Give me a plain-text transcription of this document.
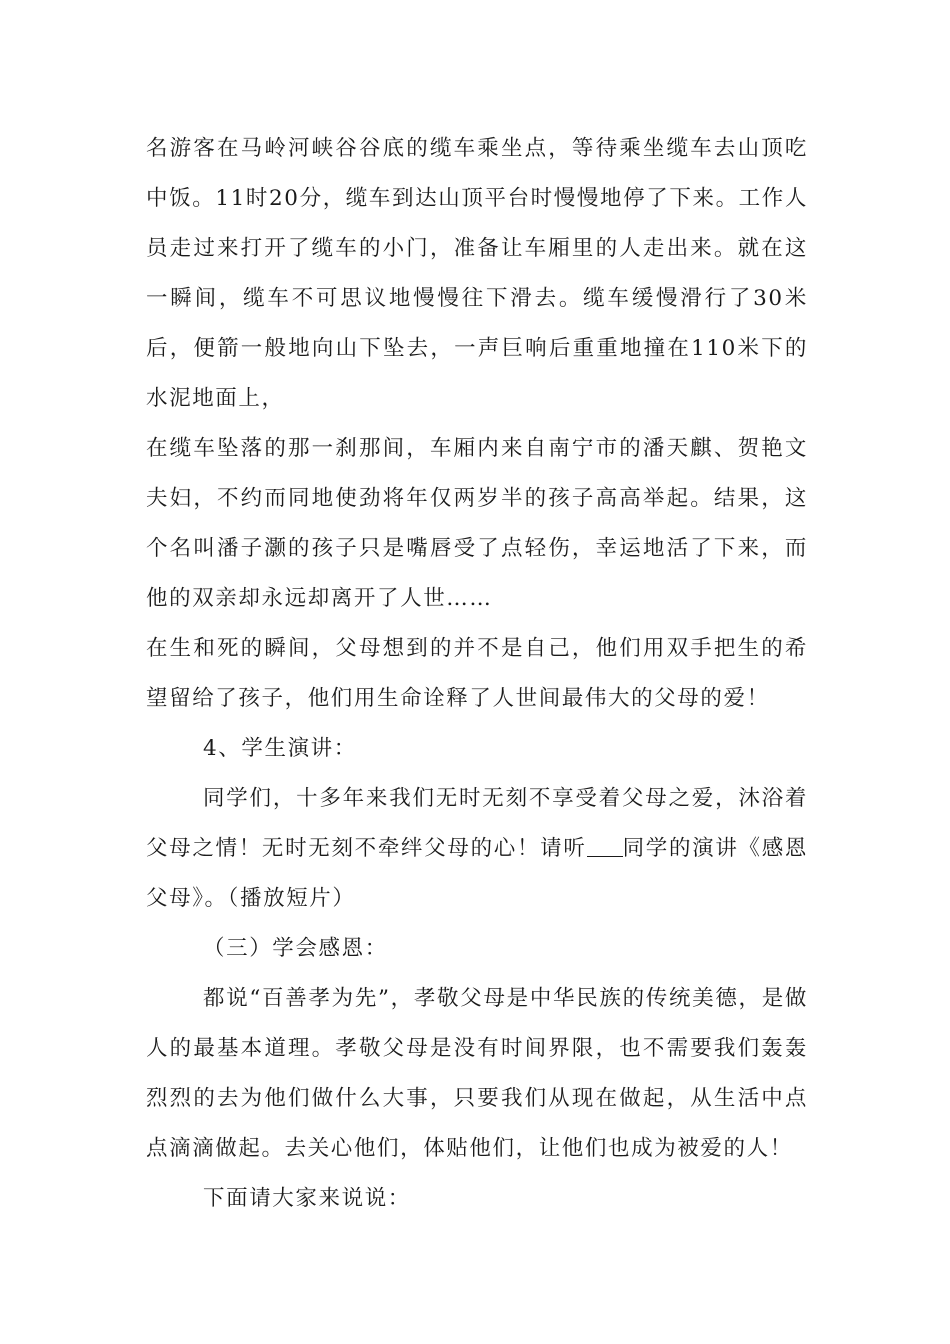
名游客在马岭河峡谷谷底的缆车乘坐点，等待乘坐缆车去山顶吃中饭。11时20分，缆车到达山顶平台时慢慢地停了下来。工作人员走过来打开了缆车的小门，准备让车厢里的人走出来。就在这一瞬间，缆车不可思议地慢慢往下滑去。缆车缓慢滑行了30米后，便箭一般地向山下坠去，一声巨响后重重地撞在110米下的水泥地面上，

在缆车坠落的那一刹那间，车厢内来自南宁市的潘天麒、贺艳文夫妇，不约而同地使劲将年仅两岁半的孩子高高举起。结果，这个名叫潘子灏的孩子只是嘴唇受了点轻伤，幸运地活了下来，而他的双亲却永远却离开了人世……

在生和死的瞬间，父母想到的并不是自己，他们用双手把生的希望留给了孩子，他们用生命诠释了人世间最伟大的父母的爱！

4、学生演讲：

同学们，十多年来我们无时无刻不享受着父母之爱，沐浴着父母之情！无时无刻不牵绊父母的心！请听 同学的演讲《感恩父母》。（播放短片）

（三）学会感恩：

都说“百善孝为先”，孝敬父母是中华民族的传统美德，是做人的最基本道理。孝敬父母是没有时间界限，也不需要我们轰轰烈烈的去为他们做什么大事，只要我们从现在做起，从生活中点点滴滴做起。去关心他们，体贴他们，让他们也成为被爱的人！

下面请大家来说说：
